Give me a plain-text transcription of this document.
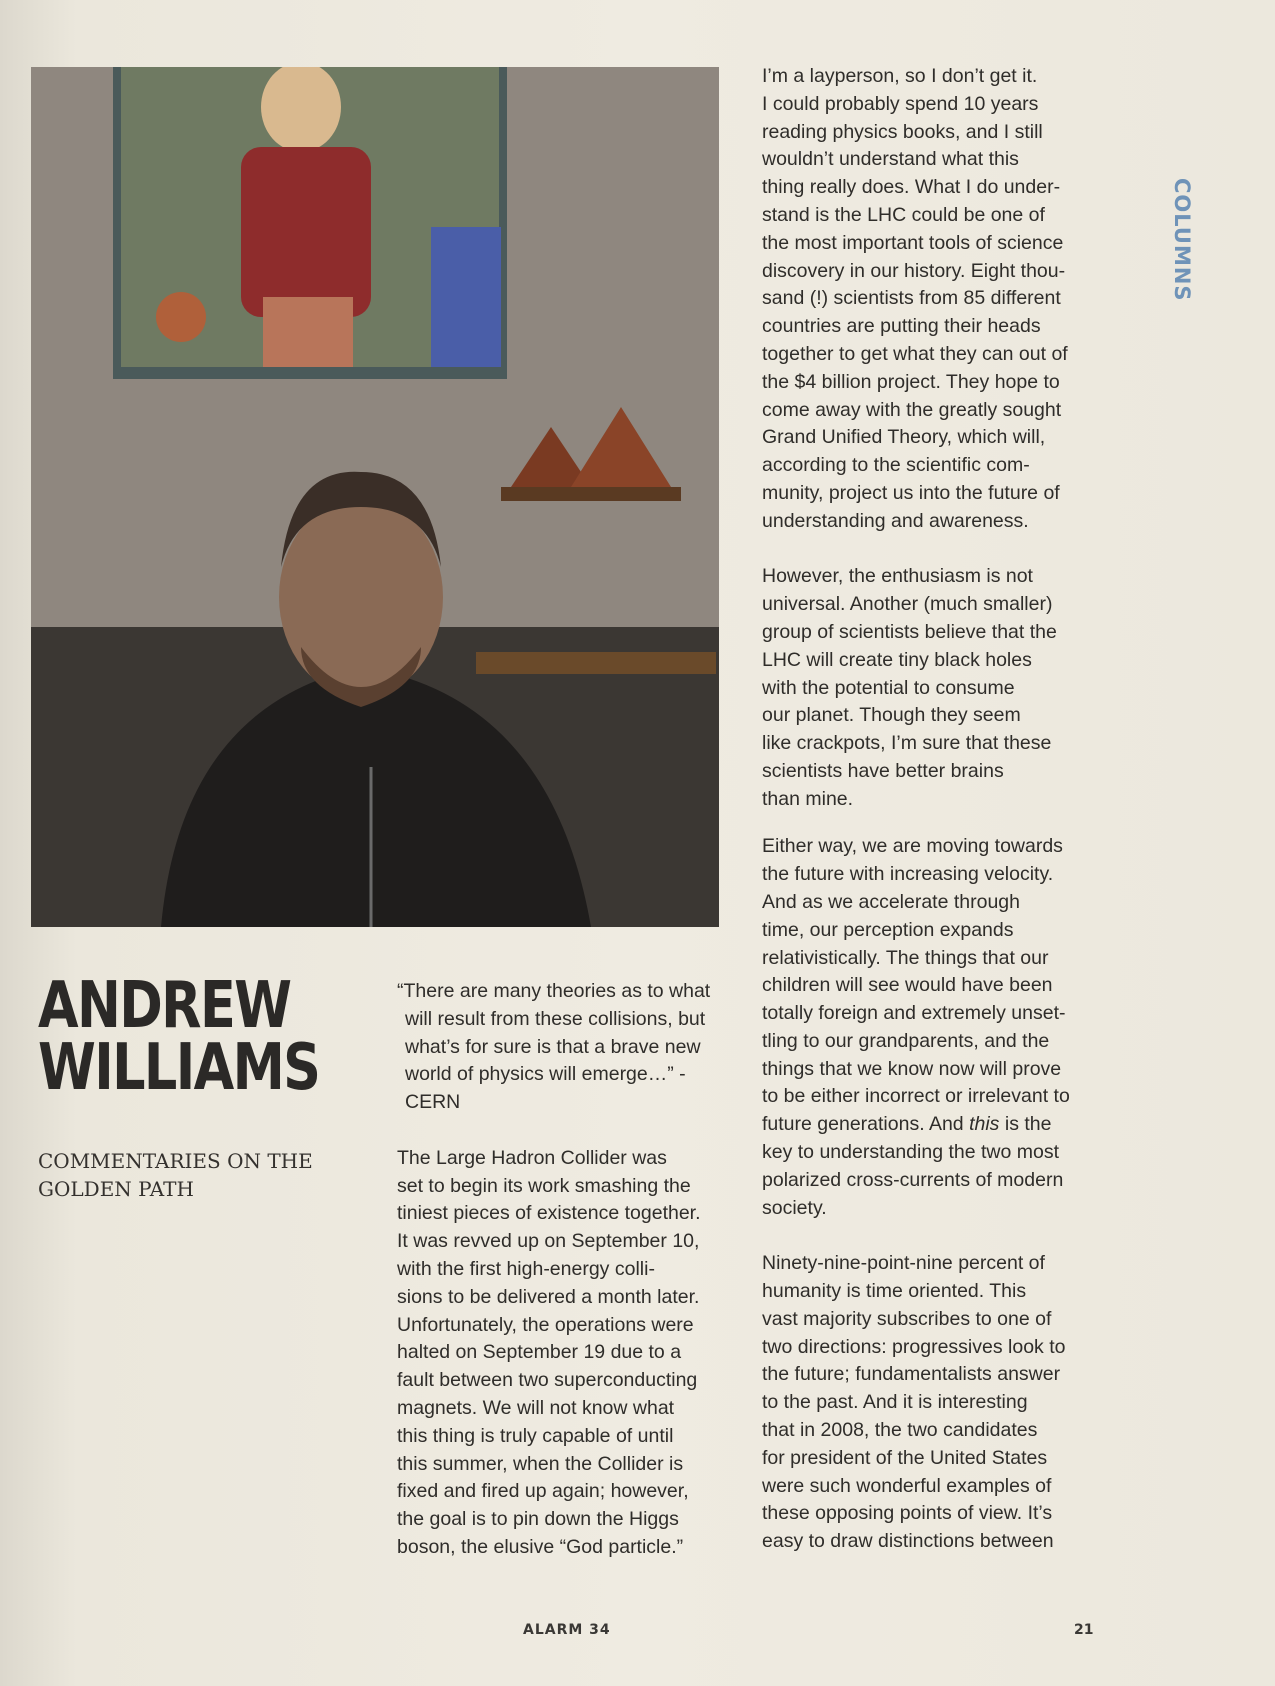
ANDREW
WILLIAMS
COMMENTARIES ON THE
GOLDEN PATH

“There are many theories as to what
will result from these collisions, but
what’s for sure is that a brave new
world of physics will emerge…” -
CERN

The Large Hadron Collider was
set to begin its work smashing the
tiniest pieces of existence together.
It was revved up on September 10,
with the first high-energy colli-
sions to be delivered a month later.
Unfortunately, the operations were
halted on September 19 due to a
fault between two superconducting
magnets. We will not know what
this thing is truly capable of until
this summer, when the Collider is
fixed and fired up again; however,
the goal is to pin down the Higgs
boson, the elusive “God particle.”

I’m a layperson, so I don’t get it.
I could probably spend 10 years
reading physics books, and I still
wouldn’t understand what this
thing really does. What I do under-
stand is the LHC could be one of
the most important tools of science
discovery in our history. Eight thou-
sand (!) scientists from 85 different
countries are putting their heads
together to get what they can out of
the $4 billion project. They hope to
come away with the greatly sought
Grand Unified Theory, which will,
according to the scientific com-
munity, project us into the future of
understanding and awareness.

However, the enthusiasm is not
universal. Another (much smaller)
group of scientists believe that the
LHC will create tiny black holes
with the potential to consume
our planet. Though they seem
like crackpots, I’m sure that these
scientists have better brains
than mine.

Either way, we are moving towards
the future with increasing velocity.
And as we accelerate through
time, our perception expands
relativistically. The things that our
children will see would have been
totally foreign and extremely unset-
tling to our grandparents, and the
things that we know now will prove
to be either incorrect or irrelevant to
future generations. And this is the
key to understanding the two most
polarized cross-currents of modern
society.

Ninety-nine-point-nine percent of
humanity is time oriented. This
vast majority subscribes to one of
two directions: progressives look to
the future; fundamentalists answer
to the past. And it is interesting
that in 2008, the two candidates
for president of the United States
were such wonderful examples of
these opposing points of view. It’s
easy to draw distinctions between

COLUMNS
ALARM 34	21
